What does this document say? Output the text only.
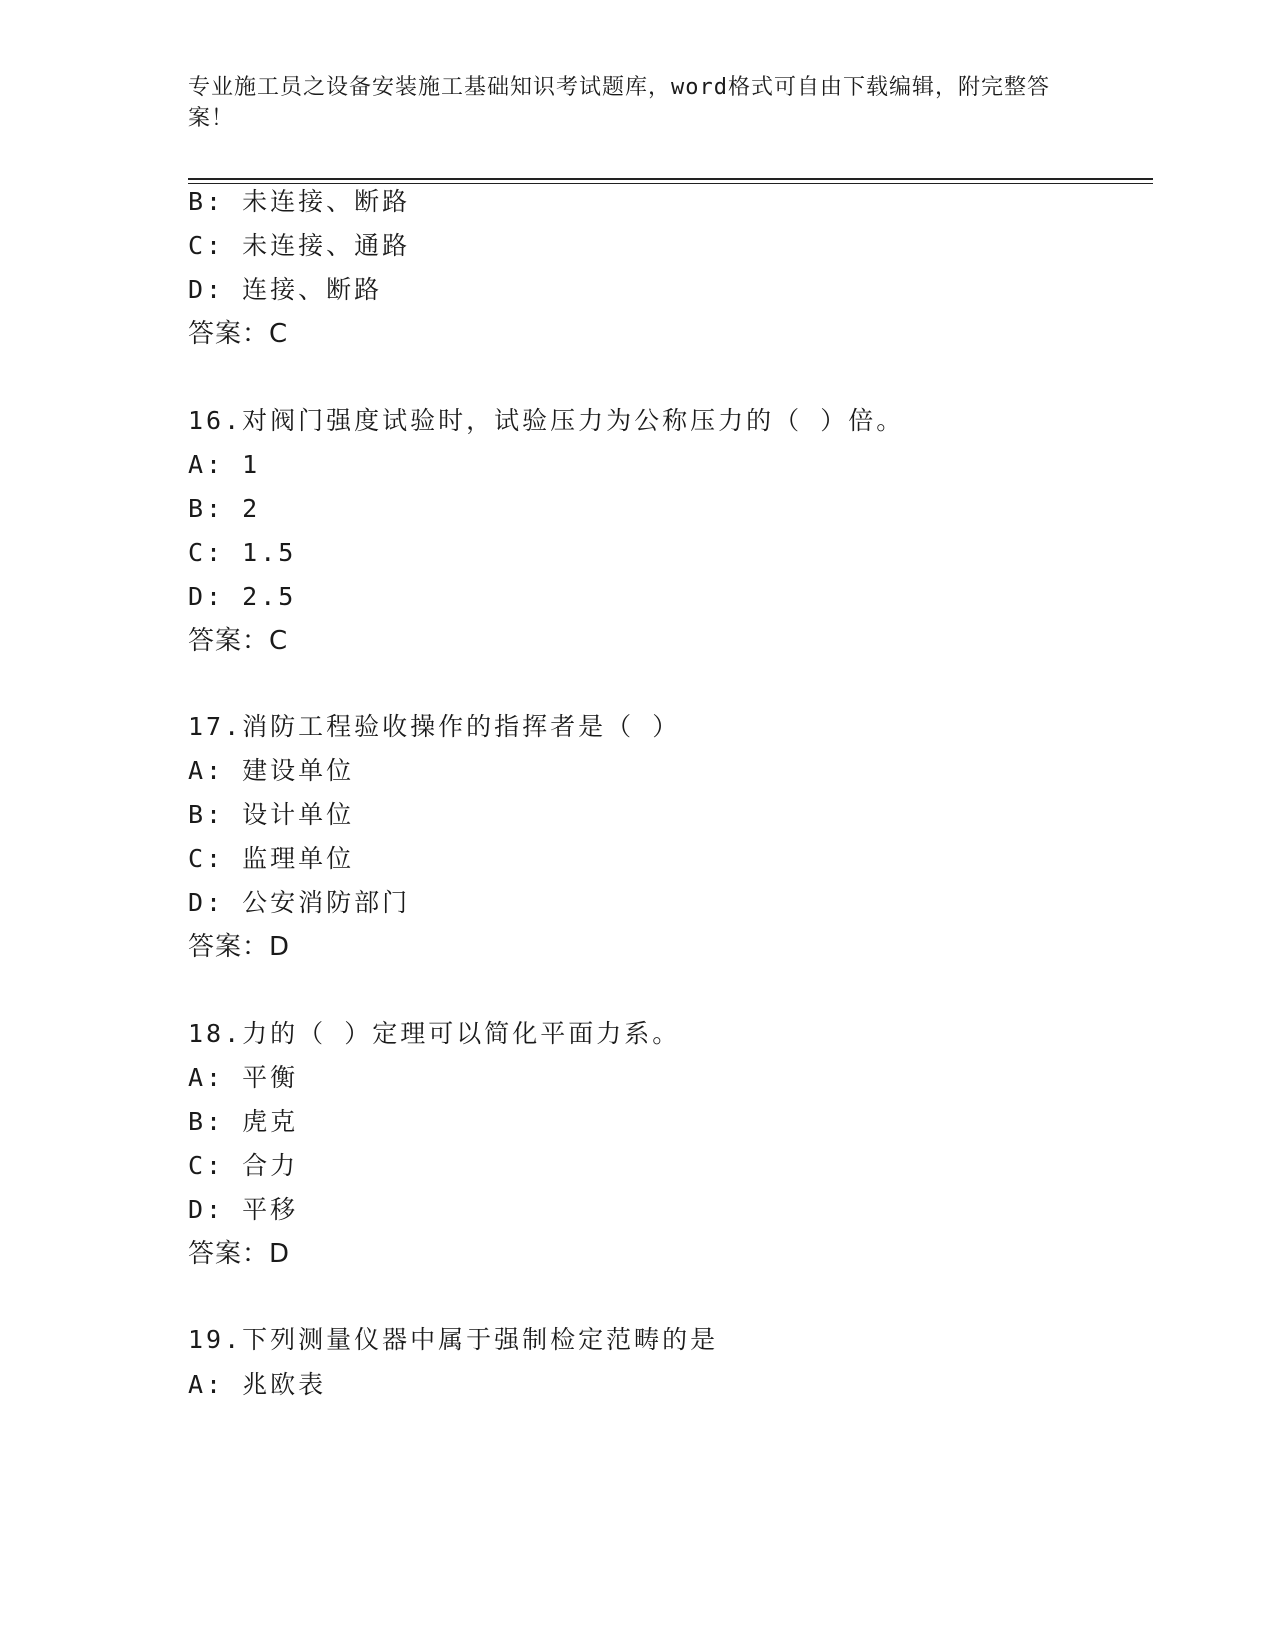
专业施工员之设备安装施工基础知识考试题库，word格式可自由下载编辑，附完整答案！
B: 未连接、断路
C: 未连接、通路
D: 连接、断路
答案：C
16.对阀门强度试验时，试验压力为公称压力的（ ）倍。
A: 1
B: 2
C: 1.5
D: 2.5
答案：C
17.消防工程验收操作的指挥者是（ ）
A: 建设单位
B: 设计单位
C: 监理单位
D: 公安消防部门
答案：D
18.力的（ ）定理可以简化平面力系。
A: 平衡
B: 虎克
C: 合力
D: 平移
答案：D
19.下列测量仪器中属于强制检定范畴的是
A: 兆欧表
